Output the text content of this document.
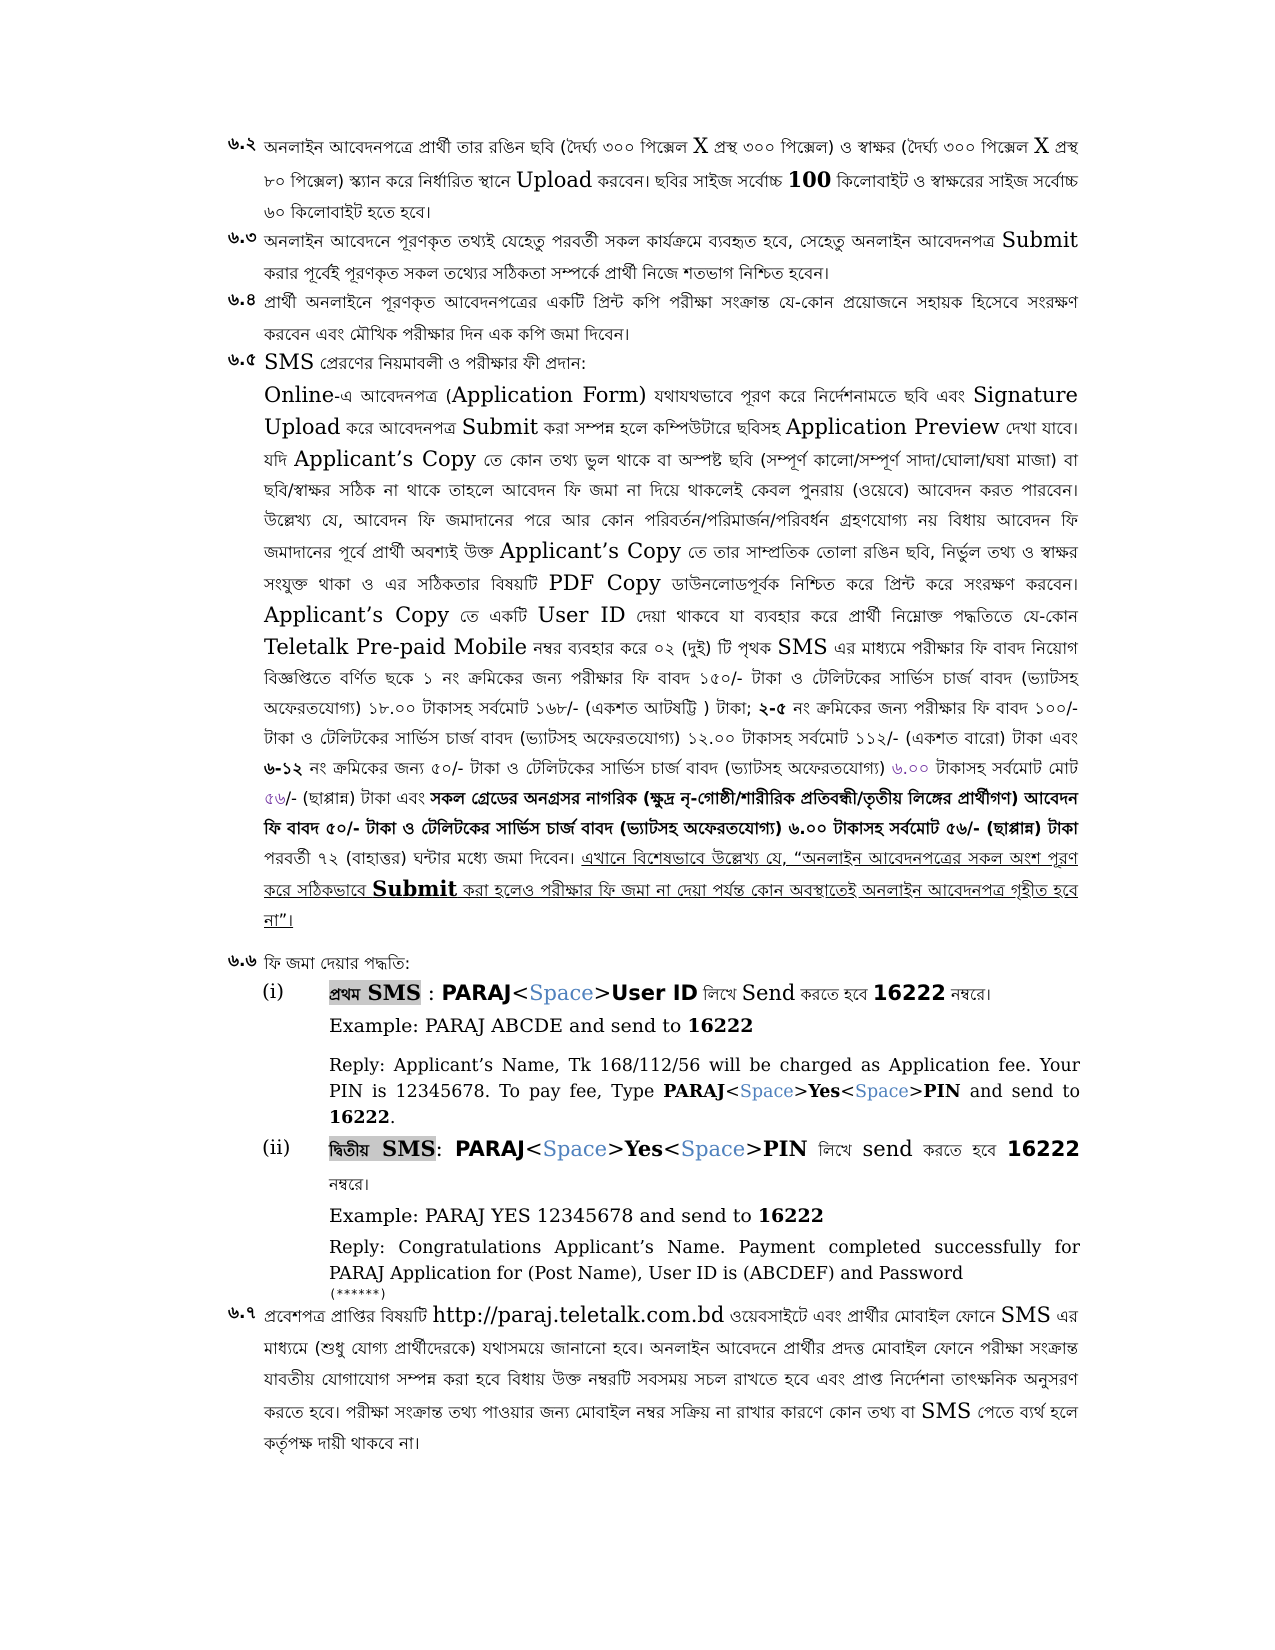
৬.২ অনলাইন আবেদনপত্রে প্রার্থী তার রঙিন ছবি (দৈর্ঘ্য ৩০০ পিক্সেল X প্রস্থ ৩০০ পিক্সেল) ও স্বাক্ষর (দৈর্ঘ্য ৩০০ পিক্সেল X প্রস্থ ৮০ পিক্সেল) স্ক্যান করে নির্ধারিত স্থানে Upload করবেন। ছবির সাইজ সর্বোচ্চ 100 কিলোবাইট ও স্বাক্ষরের সাইজ সর্বোচ্চ ৬০ কিলোবাইট হতে হবে।
৬.৩ অনলাইন আবেদনে পূরণকৃত তথ্যই যেহেতু পরবর্তী সকল কার্যক্রমে ব্যবহৃত হবে, সেহেতু অনলাইন আবেদনপত্র Submit করার পূর্বেই পূরণকৃত সকল তথ্যের সঠিকতা সম্পর্কে প্রার্থী নিজে শতভাগ নিশ্চিত হবেন।
৬.৪ প্রার্থী অনলাইনে পূরণকৃত আবেদনপত্রের একটি প্রিন্ট কপি পরীক্ষা সংক্রান্ত যে-কোন প্রয়োজনে সহায়ক হিসেবে সংরক্ষণ করবেন এবং মৌখিক পরীক্ষার দিন এক কপি জমা দিবেন।
৬.৫ SMS প্রেরণের নিয়মাবলী ও পরীক্ষার ফী প্রদান:
Online-এ আবেদনপত্র (Application Form) যথাযথভাবে পূরণ করে নির্দেশনামতে ছবি এবং Signature Upload করে আবেদনপত্র Submit করা সম্পন্ন হলে কম্পিউটারে ছবিসহ Application Preview দেখা যাবে। যদি Applicant’s Copy তে কোন তথ্য ভুল থাকে বা অস্পষ্ট ছবি (সম্পূর্ণ কালো/সম্পূর্ণ সাদা/ঘোলা/ঘষা মাজা) বা ছবি/স্বাক্ষর সঠিক না থাকে তাহলে আবেদন ফি জমা না দিয়ে থাকলেই কেবল পুনরায় (ওয়েবে) আবেদন করত পারবেন। উল্লেখ্য যে, আবেদন ফি জমাদানের পরে আর কোন পরিবর্তন/পরিমার্জন/পরিবর্ধন গ্রহণযোগ্য নয় বিধায় আবেদন ফি জমাদানের পূর্বে প্রার্থী অবশ্যই উক্ত Applicant’s Copy তে তার সাম্প্রতিক তোলা রঙিন ছবি, নির্ভুল তথ্য ও স্বাক্ষর সংযুক্ত থাকা ও এর সঠিকতার বিষয়টি PDF Copy ডাউনলোডপূর্বক নিশ্চিত করে প্রিন্ট করে সংরক্ষণ করবেন। Applicant’s Copy তে একটি User ID দেয়া থাকবে যা ব্যবহার করে প্রার্থী নিম্নোক্ত পদ্ধতিতে যে-কোন Teletalk Pre-paid Mobile নম্বর ব্যবহার করে ০২ (দুই) টি পৃথক SMS এর মাধ্যমে পরীক্ষার ফি বাবদ নিয়োগ বিজ্ঞপ্তিতে বর্ণিত ছকে ১ নং ক্রমিকের জন্য পরীক্ষার ফি বাবদ ১৫০/- টাকা ও টেলিটকের সার্ভিস চার্জ বাবদ (ভ্যাটসহ অফেরতযোগ্য) ১৮.০০ টাকাসহ সর্বমোট ১৬৮/- (একশত আটষট্টি ) টাকা; ২-৫ নং ক্রমিকের জন্য পরীক্ষার ফি বাবদ ১০০/- টাকা ও টেলিটকের সার্ভিস চার্জ বাবদ (ভ্যাটসহ অফেরতযোগ্য) ১২.০০ টাকাসহ সর্বমোট ১১২/- (একশত বারো) টাকা এবং ৬-১২ নং ক্রমিকের জন্য ৫০/- টাকা ও টেলিটকের সার্ভিস চার্জ বাবদ (ভ্যাটসহ অফেরতযোগ্য) ৬.০০ টাকাসহ সর্বমোট মোট ৫৬/- (ছাপ্পান্ন) টাকা এবং সকল গ্রেডের অনগ্রসর নাগরিক (ক্ষুদ্র নৃ-গোষ্ঠী/শারীরিক প্রতিবন্ধী/তৃতীয় লিঙ্গের প্রার্থীগণ) আবেদন ফি বাবদ ৫০/- টাকা ও টেলিটকের সার্ভিস চার্জ বাবদ (ভ্যাটসহ অফেরতযোগ্য) ৬.০০ টাকাসহ সর্বমোট ৫৬/- (ছাপ্পান্ন) টাকা পরবর্তী ৭২ (বাহাত্তর) ঘন্টার মধ্যে জমা দিবেন। এখানে বিশেষভাবে উল্লেখ্য যে, “অনলাইন আবেদনপত্রের সকল অংশ পূরণ করে সঠিকভাবে Submit করা হলেও পরীক্ষার ফি জমা না দেয়া পর্যন্ত কোন অবস্থাতেই অনলাইন আবেদনপত্র গৃহীত হবে না”।
৬.৬ ফি জমা দেয়ার পদ্ধতি:
(i)	প্রথম SMS : PARAJ<Space>User ID লিখে Send করতে হবে 16222 নম্বরে।
Example: PARAJ ABCDE and send to 16222
Reply: Applicant’s Name, Tk 168/112/56 will be charged as Application fee. Your PIN is 12345678. To pay fee, Type PARAJ<Space>Yes<Space>PIN and send to 16222.
(ii) দ্বিতীয় SMS: PARAJ<Space>Yes<Space>PIN লিখে send করতে হবে 16222 নম্বরে।
Example: PARAJ YES 12345678 and send to 16222
Reply: Congratulations Applicant’s Name. Payment completed successfully for PARAJ Application for (Post Name), User ID is (ABCDEF) and Password
(******)
৬.৭ প্রবেশপত্র প্রাপ্তির বিষয়টি http://paraj.teletalk.com.bd ওয়েবসাইটে এবং প্রার্থীর মোবাইল ফোনে SMS এর মাধ্যমে (শুধু যোগ্য প্রার্থীদেরকে) যথাসময়ে জানানো হবে। অনলাইন আবেদনে প্রার্থীর প্রদত্ত মোবাইল ফোনে পরীক্ষা সংক্রান্ত যাবতীয় যোগাযোগ সম্পন্ন করা হবে বিধায় উক্ত নম্বরটি সবসময় সচল রাখতে হবে এবং প্রাপ্ত নির্দেশনা তাৎক্ষনিক অনুসরণ করতে হবে। পরীক্ষা সংক্রান্ত তথ্য পাওয়ার জন্য মোবাইল নম্বর সক্রিয় না রাখার কারণে কোন তথ্য বা SMS পেতে ব্যর্থ হলে কর্তৃপক্ষ দায়ী থাকবে না।
